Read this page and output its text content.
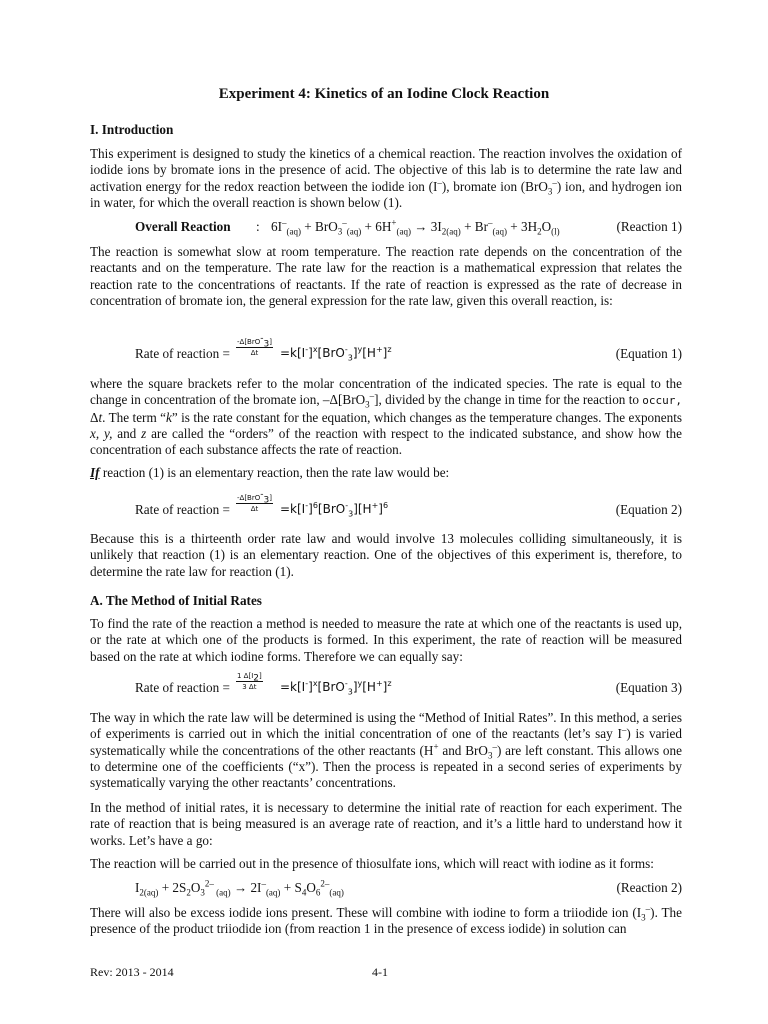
Experiment 4: Kinetics of an Iodine Clock Reaction
I. Introduction
This experiment is designed to study the kinetics of a chemical reaction. The reaction involves the oxidation of iodide ions by bromate ions in the presence of acid. The objective of this lab is to determine the rate law and activation energy for the redox reaction between the iodide ion (I–), bromate ion (BrO$_3$–) ion, and hydrogen ion in water, for which the overall reaction is shown below (1).
Overall Reaction : $6I^-_{(aq)} + BrO_3^-_{(aq)} + 6H^+_{(aq)} \to 3I_{2(aq)} + Br^-_{(aq)} + 3H_2O_{(l)}$	(Reaction 1)
The reaction is somewhat slow at room temperature. The reaction rate depends on the concentration of the reactants and on the temperature. The rate law for the reaction is a mathematical expression that relates the reaction rate to the concentrations of reactants. If the rate of reaction is expressed as the rate of decrease in concentration of bromate ion, the general expression for the rate law, given this overall reaction, is:
Rate of reaction =
-Δ[BrO-$_3$]
Δt	$=k[I^-]^x[BrO^-_3]^y[H^+]^z$	(Equation 1)
where the square brackets refer to the molar concentration of the indicated species. The rate is equal to the change in concentration of the bromate ion, –Δ[BrO$_3$–], divided by the change in time for the reaction to occur, Δt. The term “k” is the rate constant for the equation, which changes as the temperature changes. The exponents x, y, and z are called the “orders” of the reaction with respect to the indicated substance, and show how the concentration of each substance affects the rate of reaction.
If reaction (1) is an elementary reaction, then the rate law would be:
Rate of reaction =
-Δ[BrO-$_3$]
Δt	$=k[I^-]^6[BrO^-_3][H^+]^6$	(Equation 2)
Because this is a thirteenth order rate law and would involve 13 molecules colliding simultaneously, it is unlikely that reaction (1) is an elementary reaction. One of the objectives of this experiment is, therefore, to determine the rate law for reaction (1).
A. The Method of Initial Rates
To find the rate of the reaction a method is needed to measure the rate at which one of the reactants is used up, or the rate at which one of the products is formed. In this experiment, the rate of reaction will be measured based on the rate at which iodine forms. Therefore we can equally say:
Rate of reaction = $\frac{1 \Delta[I_2]}{3 \Delta t} =k[I^-]^x[BrO^-_3]^y[H^+]^z$	(Equation 3)
The way in which the rate law will be determined is using the “Method of Initial Rates”. In this method, a series of experiments is carried out in which the initial concentration of one of the reactants (let’s say I–) is varied systematically while the concentrations of the other reactants (H+ and BrO$_3$–) are left constant. This allows one to determine one of the coefficients (“x”). Then the process is repeated in a second series of experiments by systematically varying the other reactants’ concentrations.
In the method of initial rates, it is necessary to determine the initial rate of reaction for each experiment. The rate of reaction that is being measured is an average rate of reaction, and it’s a little hard to understand how it works. Let’s have a go:
The reaction will be carried out in the presence of thiosulfate ions, which will react with iodine as it forms:
$I_{2(aq)} + 2S_2O_3^{2-}$ $_{(aq)} \to 2I^-_{(aq)} + S_4O_6^{2-}_{(aq)}$	(Reaction 2)
There will also be excess iodide ions present. These will combine with iodine to form a triiodide ion $(I_3^-)$. The presence of the product triiodide ion (from reaction 1 in the presence of excess iodide) in solution can
Rev: 2013 - 2014	4-1
